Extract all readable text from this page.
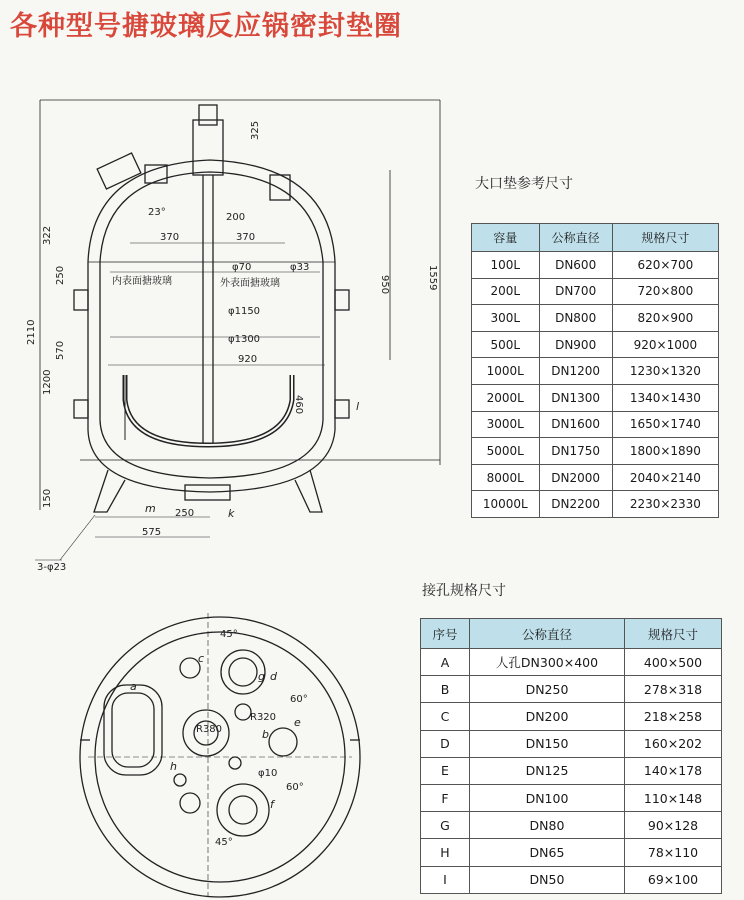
各种型号搪玻璃反应锅密封垫圈
325
200
370	370
322
250
2110
570
1200
150
φ70	φ33
φ1150
φ1300
920
950	1559
460
250
575
3-φ23
23°
45°
45°
60°
60°
R320
R380
φ10
内表面搪玻璃	外表面搪玻璃
a
b
c
d
e
f
g
h
k
m
l
大口垫参考尺寸
容量	公称直径	规格尺寸
100L	DN600	620×700
200L	DN700	720×800
300L	DN800	820×900
500L	DN900	920×1000
1000L	DN1200	1230×1320
2000L	DN1300	1340×1430
3000L	DN1600	1650×1740
5000L	DN1750	1800×1890
8000L	DN2000	2040×2140
10000L	DN2200	2230×2330
接孔规格尺寸
序号	公称直径	规格尺寸
A	人孔DN300×400	400×500
B	DN250	278×318
C	DN200	218×258
D	DN150	160×202
E	DN125	140×178
F	DN100	110×148
G	DN80	90×128
H	DN65	78×110
I	DN50	69×100
